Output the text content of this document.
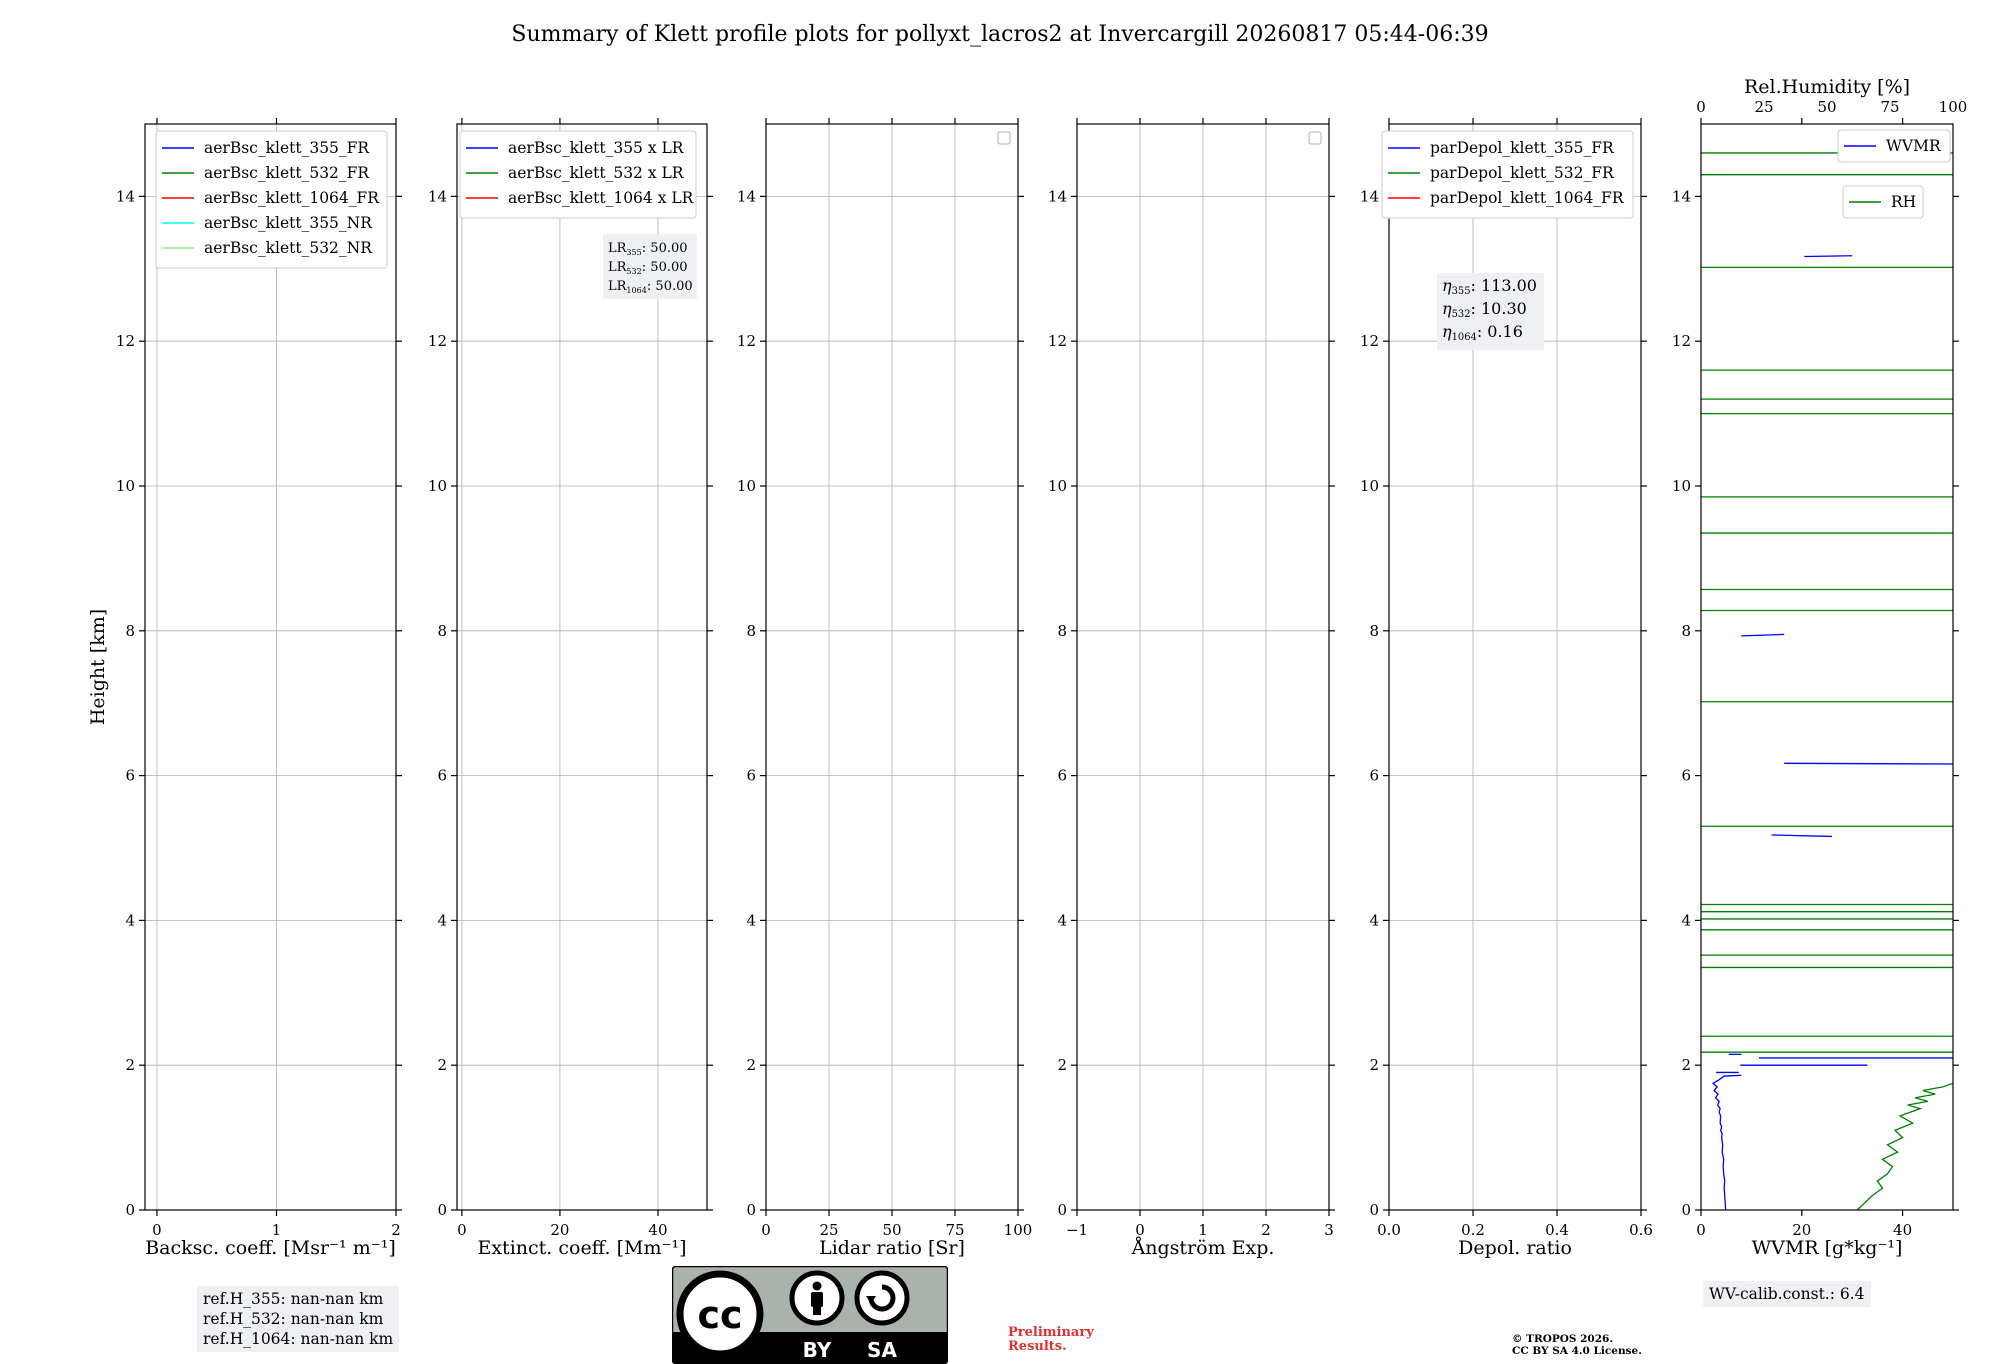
Summary of Klett profile plots for pollyxt_lacros2 at Invercargill 20260817 05:44-06:39
0	1	2
0
2
4
6
8
10
12
14
Backsc. coeff. [Msr⁻¹ m⁻¹]
Height [km]
aerBsc_klett_355_FR
aerBsc_klett_532_FR
aerBsc_klett_1064_FR
aerBsc_klett_355_NR
aerBsc_klett_532_NR
0	20	40
0
2
4
6
8
10
12
14
Extinct. coeff. [Mm⁻¹]
aerBsc_klett_355 x LR
aerBsc_klett_532 x LR
aerBsc_klett_1064 x LR
$LR_{355}$: 50.00
$LR_{532}$: 50.00
$LR_{1064}$: 50.00
0	25	50	75	100
0
2
4
6
8
10
12
14
Lidar ratio [Sr]
−1	0	1	2	3
0
2
4
6
8
10
12
14
Ångström Exp.
0.0	0.2	0.4	0.6
0
2
4
6
8
10
12
14
Depol. ratio
parDepol_klett_355_FR
parDepol_klett_532_FR
parDepol_klett_1064_FR
η355: 113.00
η532: 10.30
η1064: 0.16
0	20	40
0
2
4
6
8
10
12
14
WVMR [g*kg⁻¹]
0	25	50	75	100
Rel.Humidity [%]
WVMR
RH
ref.H_355: nan-nan km
ref.H_532: nan-nan km
ref.H_1064: nan-nan km
WV-calib.const.: 6.4
cc
BY SA
Preliminary
Results.	© TROPOS 2026.
CC BY SA 4.0 License.
